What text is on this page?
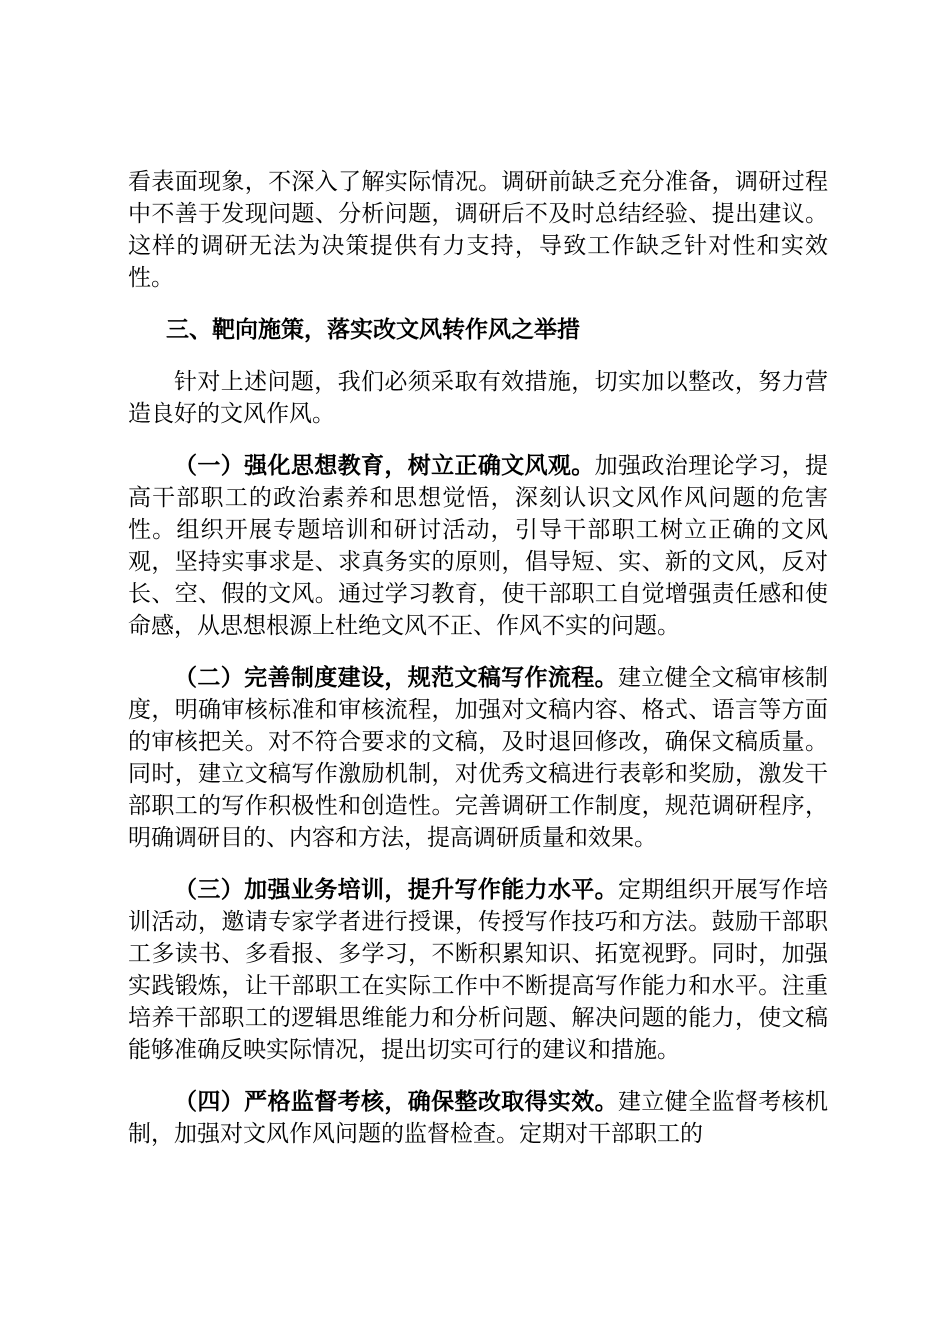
看表面现象，不深入了解实际情况。调研前缺乏充分准备，调研过程中不善于发现问题、分析问题，调研后不及时总结经验、提出建议。这样的调研无法为决策提供有力支持，导致工作缺乏针对性和实效性。

三、靶向施策，落实改文风转作风之举措

针对上述问题，我们必须采取有效措施，切实加以整改，努力营造良好的文风作风。

（一）强化思想教育，树立正确文风观。加强政治理论学习，提高干部职工的政治素养和思想觉悟，深刻认识文风作风问题的危害性。组织开展专题培训和研讨活动，引导干部职工树立正确的文风观，坚持实事求是、求真务实的原则，倡导短、实、新的文风，反对长、空、假的文风。通过学习教育，使干部职工自觉增强责任感和使命感，从思想根源上杜绝文风不正、作风不实的问题。

（二）完善制度建设，规范文稿写作流程。建立健全文稿审核制度，明确审核标准和审核流程，加强对文稿内容、格式、语言等方面的审核把关。对不符合要求的文稿，及时退回修改，确保文稿质量。同时，建立文稿写作激励机制，对优秀文稿进行表彰和奖励，激发干部职工的写作积极性和创造性。完善调研工作制度，规范调研程序，明确调研目的、内容和方法，提高调研质量和效果。

（三）加强业务培训，提升写作能力水平。定期组织开展写作培训活动，邀请专家学者进行授课，传授写作技巧和方法。鼓励干部职工多读书、多看报、多学习，不断积累知识、拓宽视野。同时，加强实践锻炼，让干部职工在实际工作中不断提高写作能力和水平。注重培养干部职工的逻辑思维能力和分析问题、解决问题的能力，使文稿能够准确反映实际情况，提出切实可行的建议和措施。

（四）严格监督考核，确保整改取得实效。建立健全监督考核机制，加强对文风作风问题的监督检查。定期对干部职工的
